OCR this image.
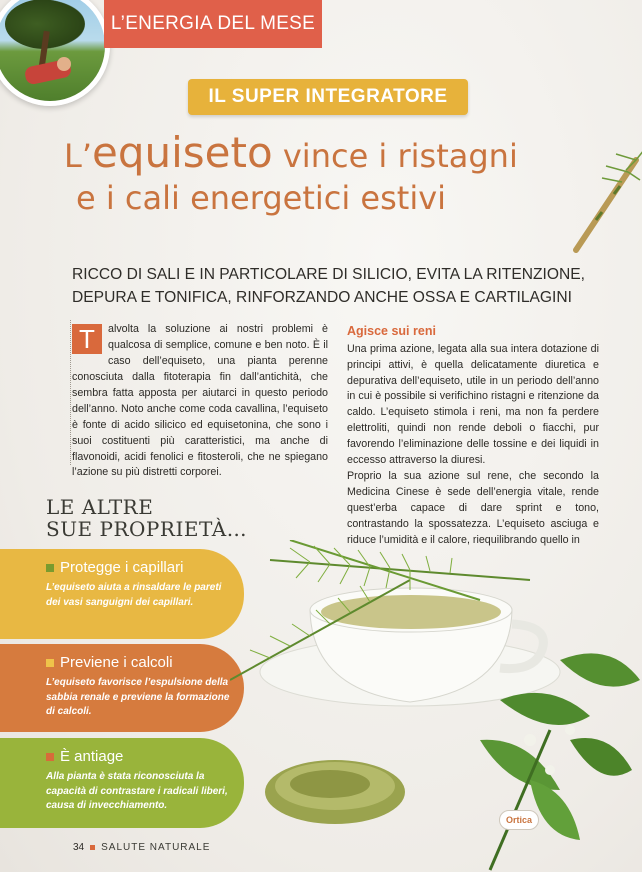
L’ENERGIA DEL MESE
IL SUPER INTEGRATORE
L’equiseto vince i ristagni
e i cali energetici estivi
RICCO DI SALI E IN PARTICOLARE DI SILICIO, EVITA LA RITENZIONE,
DEPURA E TONIFICA, RINFORZANDO ANCHE OSSA E CARTILAGINI
T	alvolta la soluzione ai nostri problemi è qualcosa di semplice, comune e ben noto. È il caso dell’equiseto, una pianta perenne conosciuta dalla fitoterapia fin dall’antichità, che sembra fatta apposta per aiutarci in questo periodo dell’anno. Noto anche come coda cavallina, l’equiseto è fonte di acido silicico ed equisetonina, che sono i suoi costituenti più caratteristici, ma anche di flavonoidi, acidi fenolici e fitosteroli, che ne spiegano l’azione su più distretti corporei.
Agisce sui reni

Una prima azione, legata alla sua intera dotazione di principi attivi, è quella delicatamente diuretica e depurativa dell’equiseto, utile in un periodo dell’anno in cui è possibile si verifichino ristagni e ritenzione da caldo. L’equiseto stimola i reni, ma non fa perdere elettroliti, quindi non rende deboli o fiacchi, pur favorendo l’eliminazione delle tossine e dei liquidi in eccesso attraverso la diuresi.

Proprio la sua azione sul rene, che secondo la Medicina Cinese è sede dell’energia vitale, rende quest’erba capace di dare sprint e tono, contrastando la spossatezza. L’equiseto asciuga e riduce l’umidità e il calore, riequilibrando quello in

LE ALTRE
SUE PROPRIETÀ…
Protegge i capillari
L’equiseto aiuta a rinsaldare le pareti dei vasi sanguigni dei capillari.
Previene i calcoli
L’equiseto favorisce l’espulsione della sabbia renale e previene la formazione di calcoli.
È antiage
Alla pianta è stata riconosciuta la capacità di contrastare i radicali liberi, causa di invecchiamento.
Ortica
34 SALUTE NATURALE
